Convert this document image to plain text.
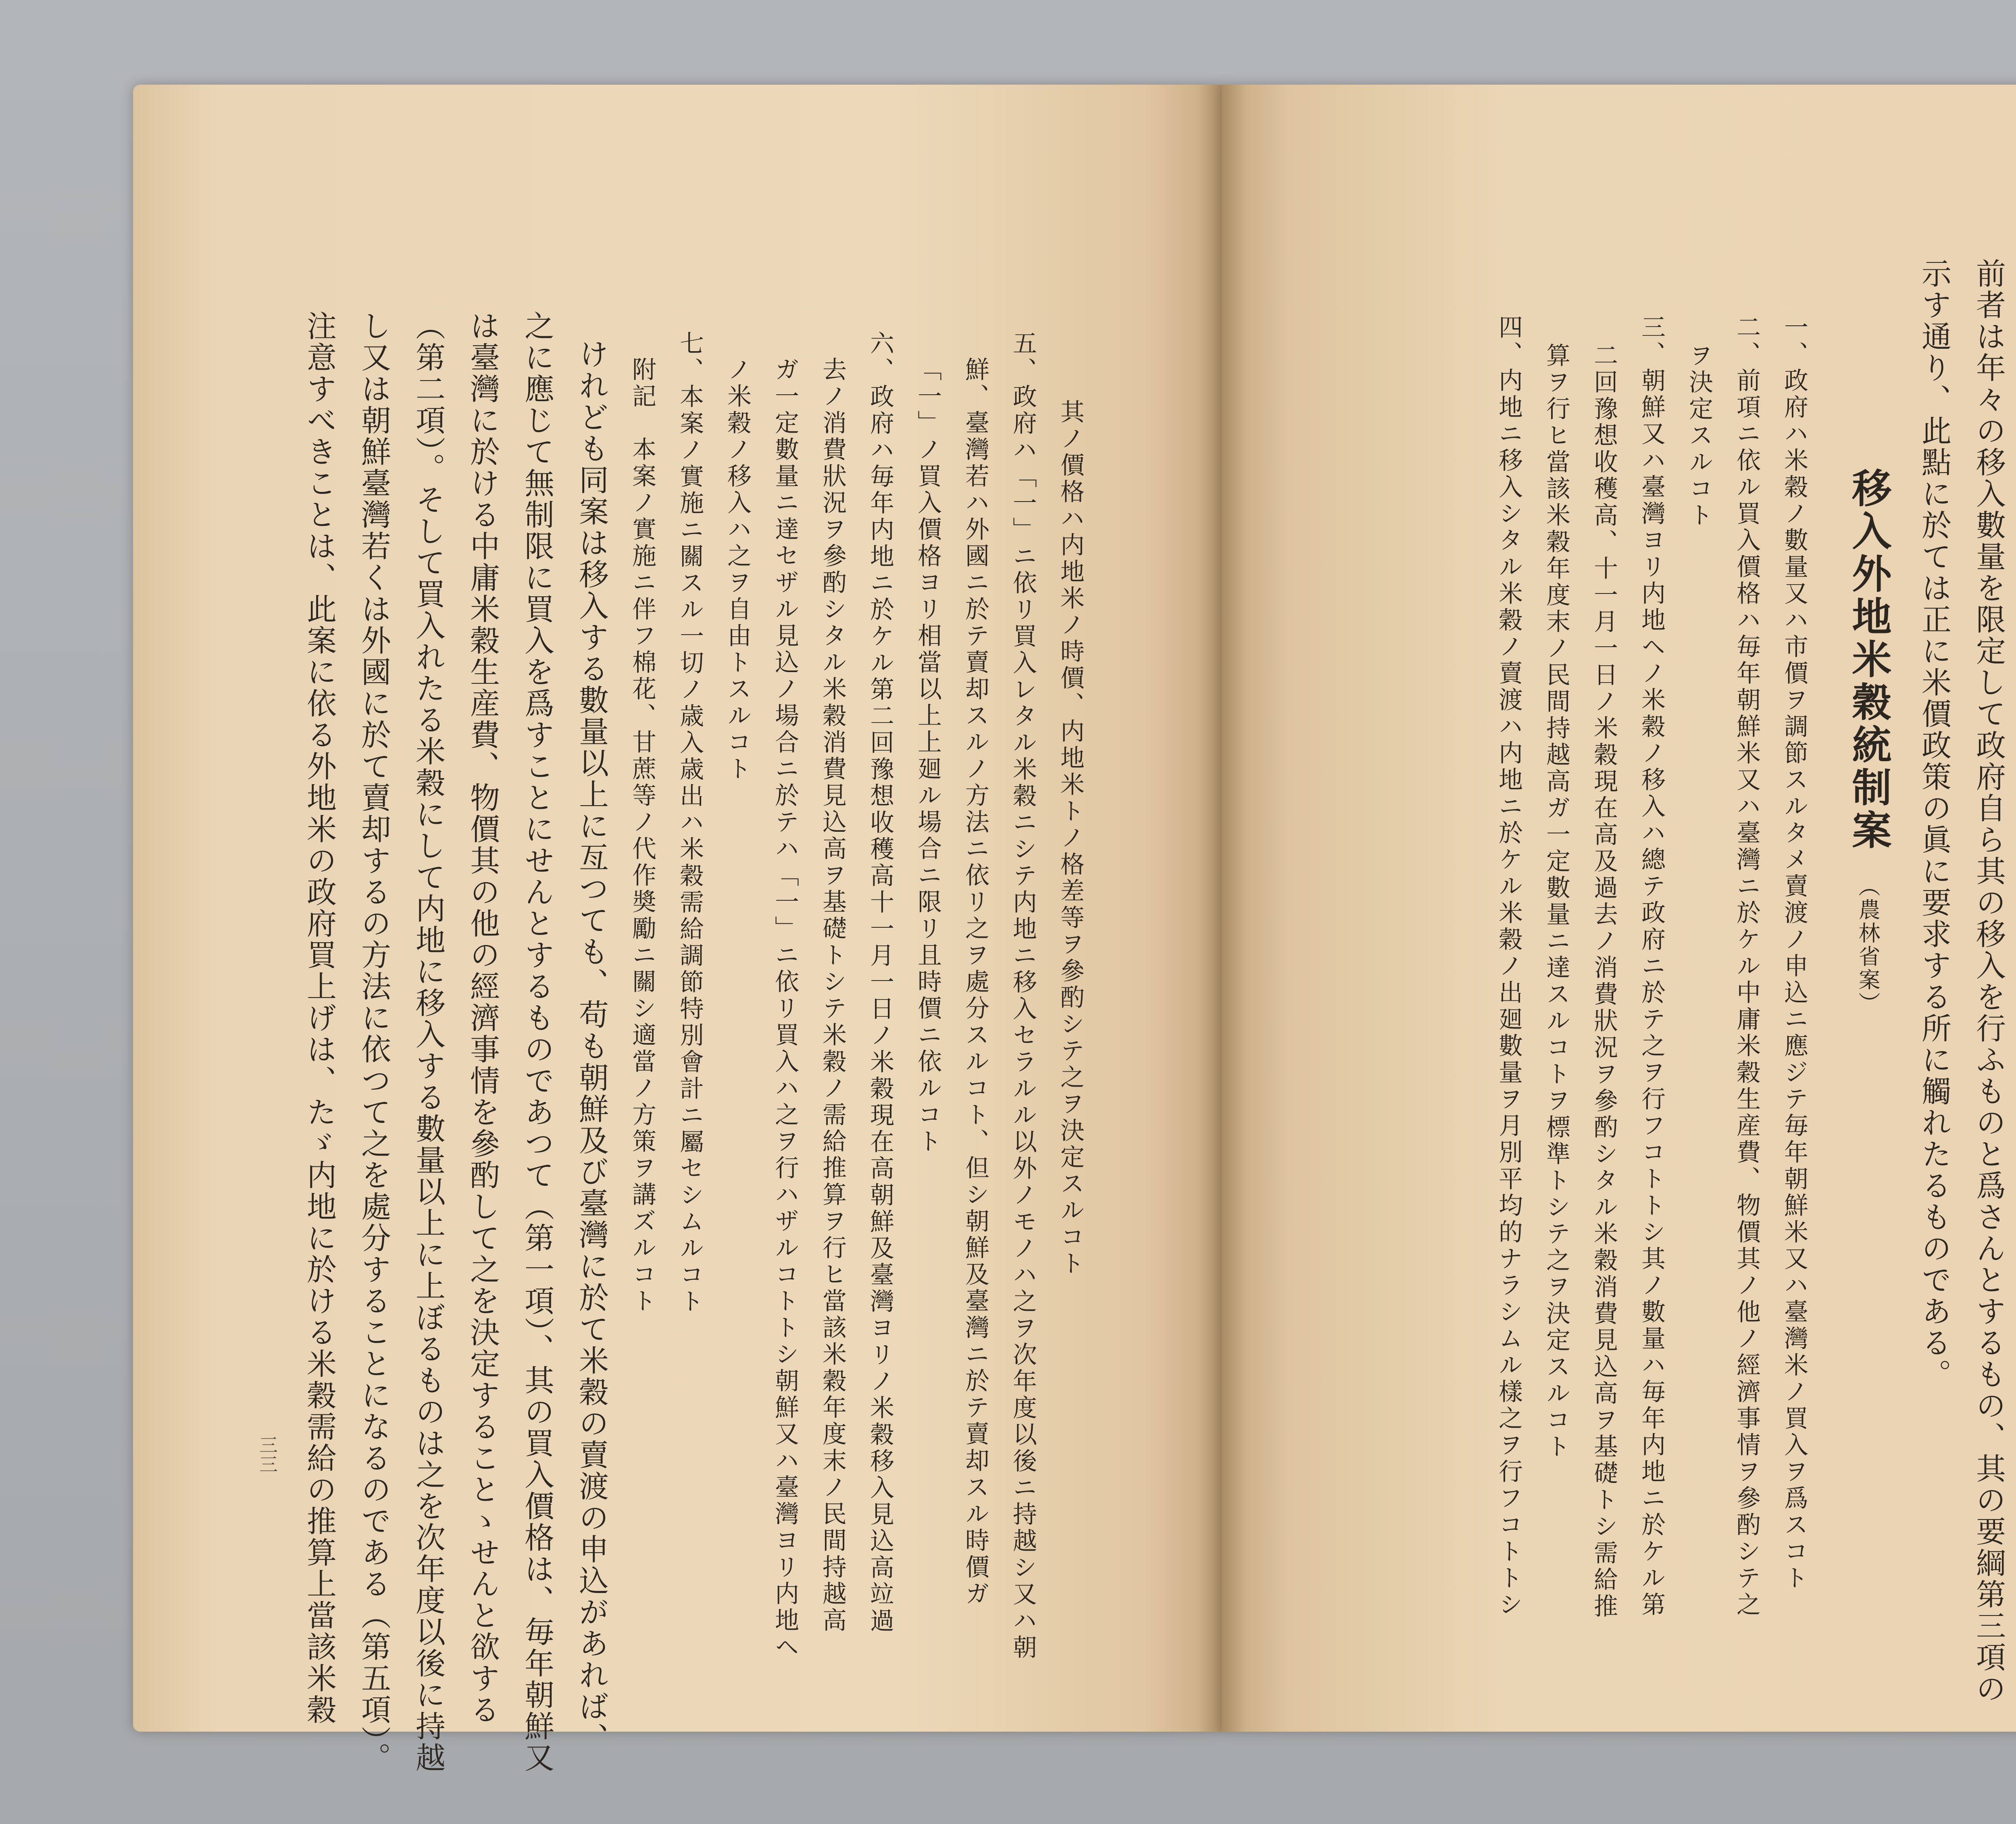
其ノ價格ハ内地米ノ時價、内地米トノ格差等ヲ參酌シテ之ヲ決定スルコト
五、政府ハ「一」ニ依リ買入レタル米穀ニシテ内地ニ移入セラルル以外ノモノハ之ヲ次年度以後ニ持越シ又ハ朝
鮮、臺灣若ハ外國ニ於テ賣却スルノ方法ニ依リ之ヲ處分スルコト、但シ朝鮮及臺灣ニ於テ賣却スル時價ガ
「一」ノ買入價格ヨリ相當以上上廻ル場合ニ限リ且時價ニ依ルコト
六、政府ハ毎年内地ニ於ケル第二回豫想收穫高十一月一日ノ米穀現在高朝鮮及臺灣ヨリノ米穀移入見込高竝過
去ノ消費狀況ヲ參酌シタル米穀消費見込高ヲ基礎トシテ米穀ノ需給推算ヲ行ヒ當該米穀年度末ノ民間持越高
ガ一定數量ニ達セザル見込ノ場合ニ於テハ「一」ニ依リ買入ハ之ヲ行ハザルコトトシ朝鮮又ハ臺灣ヨリ内地ヘ
ノ米穀ノ移入ハ之ヲ自由トスルコト
七、本案ノ實施ニ關スル一切ノ歳入歳出ハ米穀需給調節特別會計ニ屬セシムルコト
附記　本案ノ實施ニ伴フ棉花、甘蔗等ノ代作奬勵ニ關シ適當ノ方策ヲ講ズルコト
けれども同案は移入する數量以上に亙つても、苟も朝鮮及び臺灣に於て米穀の賣渡の申込があれば、
之に應じて無制限に買入を爲すことにせんとするものであつて（第一項）、其の買入價格は、毎年朝鮮又
は臺灣に於ける中庸米穀生産費、物價其の他の經濟事情を參酌して之を決定することゝせんと欲する
（第二項）。そして買入れたる米穀にして内地に移入する數量以上に上ぼるものは之を次年度以後に持越
し又は朝鮮臺灣若くは外國に於て賣却するの方法に依つて之を處分することになるのである（第五項）。
注意すべきことは、此案に依る外地米の政府買上げは、たゞ内地に於ける米穀需給の推算上當該米穀
三三	前者は年々の移入數量を限定して政府自ら其の移入を行ふものと爲さんとするもの、其の要綱第三項の
示す通り、此點に於ては正に米價政策の眞に要求する所に觸れたるものである。
移入外地米穀統制案
（農林省案）
一、政府ハ米穀ノ數量又ハ市價ヲ調節スルタメ賣渡ノ申込ニ應ジテ毎年朝鮮米又ハ臺灣米ノ買入ヲ爲スコト
二、前項ニ依ル買入價格ハ毎年朝鮮米又ハ臺灣ニ於ケル中庸米穀生産費、物價其ノ他ノ經濟事情ヲ參酌シテ之
ヲ決定スルコト
三、朝鮮又ハ臺灣ヨリ内地ヘノ米穀ノ移入ハ總テ政府ニ於テ之ヲ行フコトトシ其ノ數量ハ毎年内地ニ於ケル第
二回豫想收穫高、十一月一日ノ米穀現在高及過去ノ消費狀況ヲ參酌シタル米穀消費見込高ヲ基礎トシ需給推
算ヲ行ヒ當該米穀年度末ノ民間持越高ガ一定數量ニ達スルコトヲ標準トシテ之ヲ決定スルコト
四、内地ニ移入シタル米穀ノ賣渡ハ内地ニ於ケル米穀ノ出廻數量ヲ月別平均的ナラシムル樣之ヲ行フコトトシ
